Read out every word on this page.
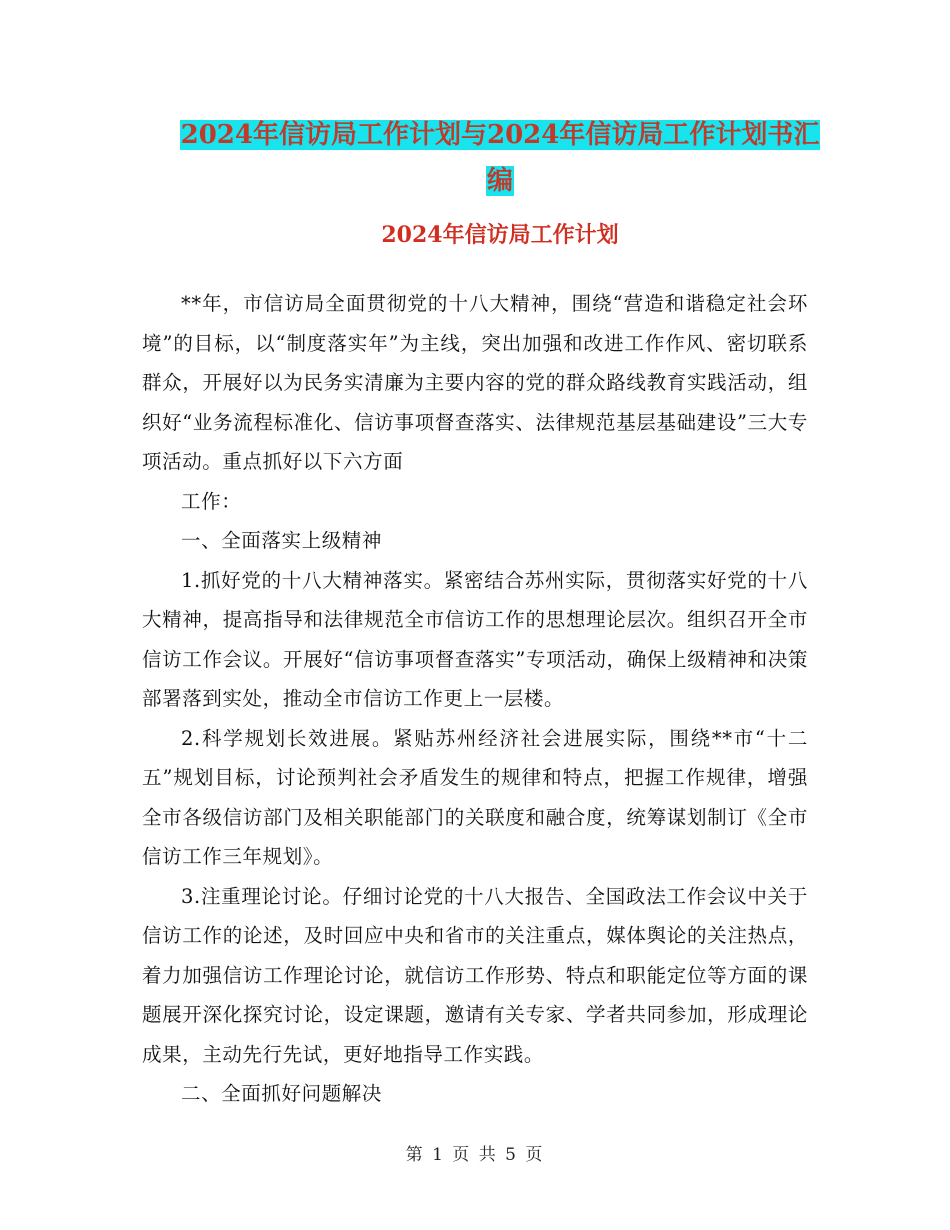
2024年信访局工作计划与2024年信访局工作计划书汇
编
2024年信访局工作计划

**年，市信访局全面贯彻党的十八大精神，围绕“营造和谐稳定社会环境”的目标，以“制度落实年”为主线，突出加强和改进工作作风、密切联系群众，开展好以为民务实清廉为主要内容的党的群众路线教育实践活动，组织好“业务流程标准化、信访事项督查落实、法律规范基层基础建设”三大专项活动。重点抓好以下六方面

工作：

一、全面落实上级精神

1.抓好党的十八大精神落实。紧密结合苏州实际，贯彻落实好党的十八大精神，提高指导和法律规范全市信访工作的思想理论层次。组织召开全市信访工作会议。开展好“信访事项督查落实”专项活动，确保上级精神和决策部署落到实处，推动全市信访工作更上一层楼。

2.科学规划长效进展。紧贴苏州经济社会进展实际，围绕**市“十二五”规划目标，讨论预判社会矛盾发生的规律和特点，把握工作规律，增强全市各级信访部门及相关职能部门的关联度和融合度，统筹谋划制订《全市信访工作三年规划》。

3.注重理论讨论。仔细讨论党的十八大报告、全国政法工作会议中关于信访工作的论述，及时回应中央和省市的关注重点，媒体舆论的关注热点，着力加强信访工作理论讨论，就信访工作形势、特点和职能定位等方面的课题展开深化探究讨论，设定课题，邀请有关专家、学者共同参加，形成理论成果，主动先行先试，更好地指导工作实践。

二、全面抓好问题解决

第 1 页 共 5 页
